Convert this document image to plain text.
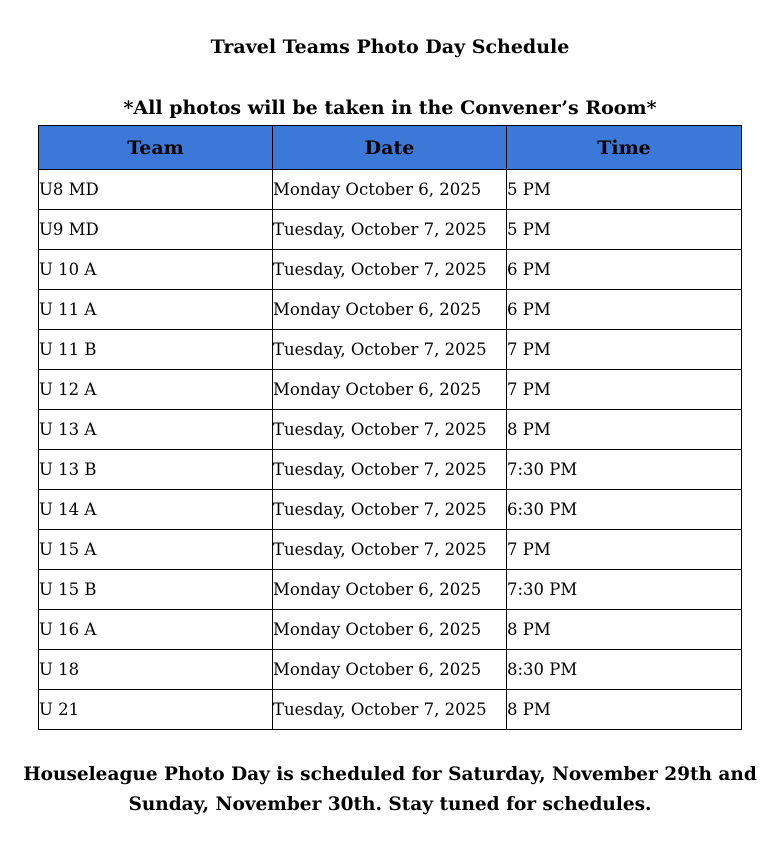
Travel Teams Photo Day Schedule
*All photos will be taken in the Convener’s Room*
Team	Date	Time
U8 MD	Monday October 6, 2025	5 PM
U9 MD	Tuesday, October 7, 2025	5 PM
U 10 A	Tuesday, October 7, 2025	6 PM
U 11 A	Monday October 6, 2025	6 PM
U 11 B	Tuesday, October 7, 2025	7 PM
U 12 A	Monday October 6, 2025	7 PM
U 13 A	Tuesday, October 7, 2025	8 PM
U 13 B	Tuesday, October 7, 2025	7:30 PM
U 14 A	Tuesday, October 7, 2025	6:30 PM
U 15 A	Tuesday, October 7, 2025	7 PM
U 15 B	Monday October 6, 2025	7:30 PM
U 16 A	Monday October 6, 2025	8 PM
U 18	Monday October 6, 2025	8:30 PM
U 21	Tuesday, October 7, 2025	8 PM
Houseleague Photo Day is scheduled for Saturday, November 29th and
Sunday, November 30th. Stay tuned for schedules.
